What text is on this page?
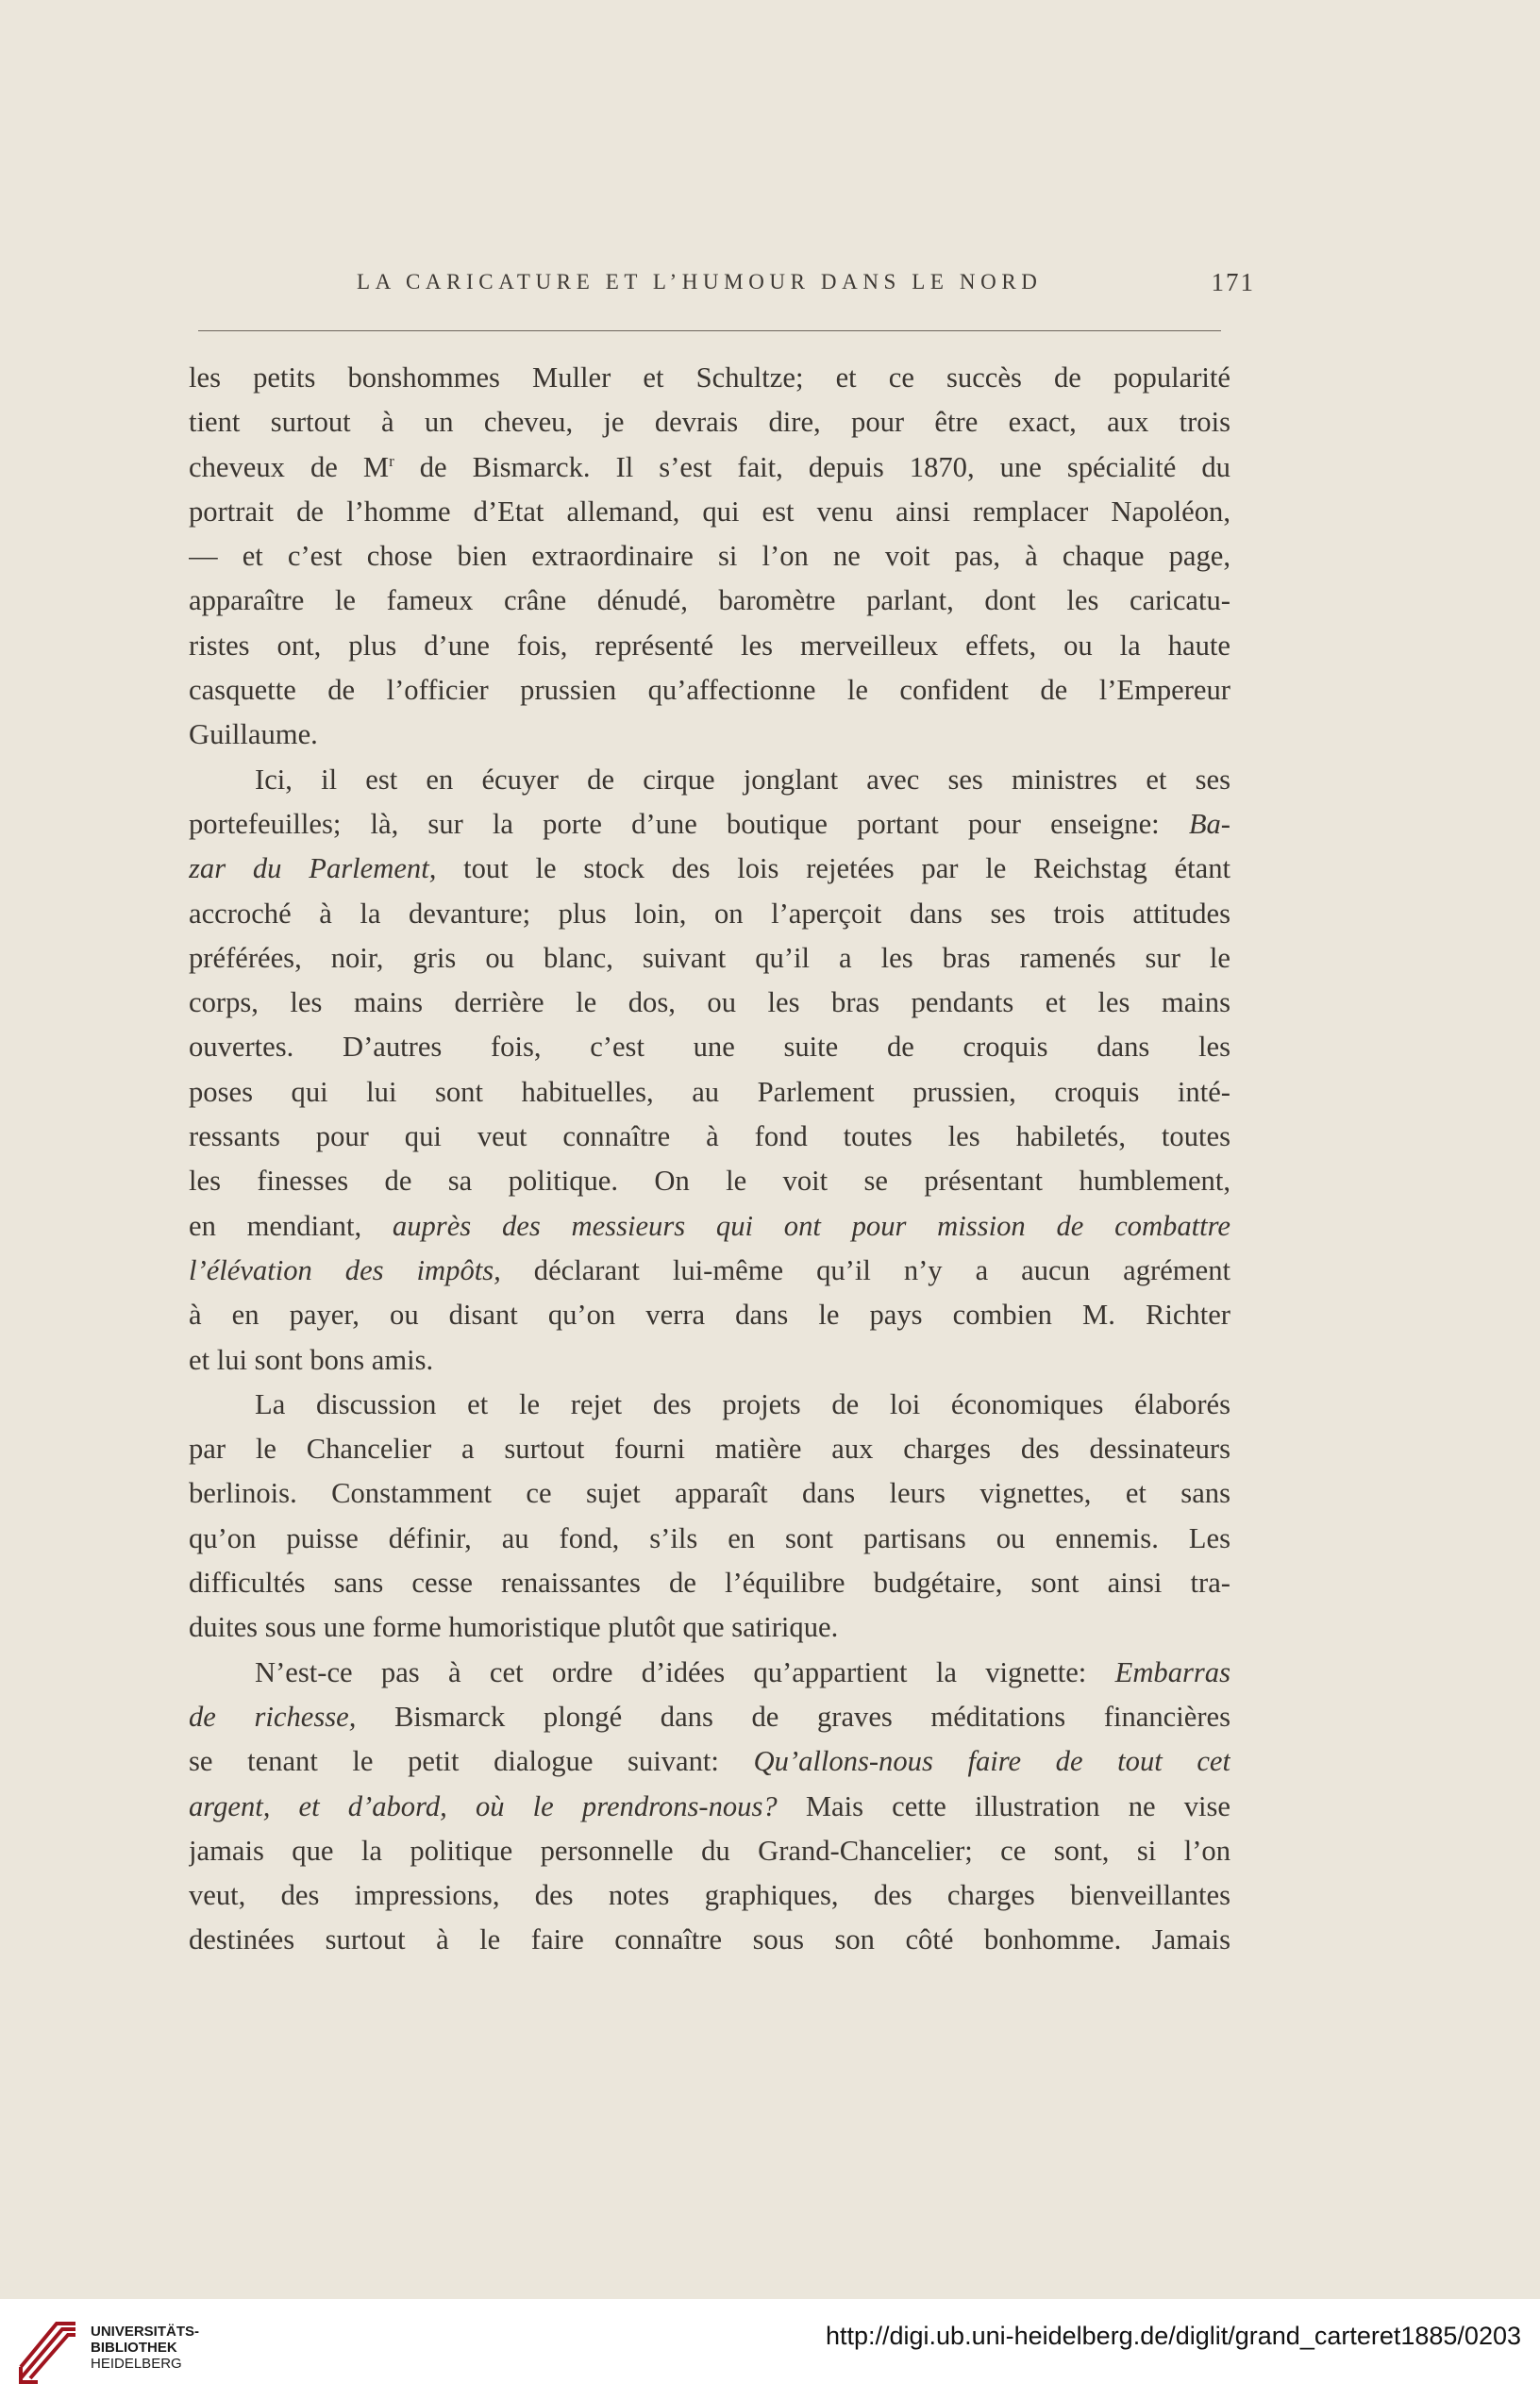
LA CARICATURE ET L’HUMOUR DANS LE NORD	171
les petits bonshommes Muller et Schultze; et ce succès de popularité
tient surtout à un cheveu, je devrais dire, pour être exact, aux trois
cheveux de $M^r$ de Bismarck. Il s’est fait, depuis 1870, une spécialité du
portrait de l’homme d’Etat allemand, qui est venu ainsi remplacer Napoléon,
— et c’est chose bien extraordinaire si l’on ne voit pas, à chaque page,
apparaître le fameux crâne dénudé, baromètre parlant, dont les caricatu-
ristes ont, plus d’une fois, représenté les merveilleux effets, ou la haute
casquette de l’officier prussien qu’affectionne le confident de l’Empereur
Guillaume.
Ici, il est en écuyer de cirque jonglant avec ses ministres et ses
portefeuilles; là, sur la porte d’une boutique portant pour enseigne: Ba-
zar du Parlement, tout le stock des lois rejetées par le Reichstag étant
accroché à la devanture; plus loin, on l’aperçoit dans ses trois attitudes
préférées, noir, gris ou blanc, suivant qu’il a les bras ramenés sur le
corps, les mains derrière le dos, ou les bras pendants et les mains
ouvertes. D’autres fois, c’est une suite de croquis dans les
poses qui lui sont habituelles, au Parlement prussien, croquis inté-
ressants pour qui veut connaître à fond toutes les habiletés, toutes
les finesses de sa politique. On le voit se présentant humblement,
en mendiant, auprès des messieurs qui ont pour mission de combattre
l’élévation des impôts, déclarant lui-même qu’il n’y a aucun agrément
à en payer, ou disant qu’on verra dans le pays combien M. Richter
et lui sont bons amis.
La discussion et le rejet des projets de loi économiques élaborés
par le Chancelier a surtout fourni matière aux charges des dessinateurs
berlinois. Constamment ce sujet apparaît dans leurs vignettes, et sans
qu’on puisse définir, au fond, s’ils en sont partisans ou ennemis. Les
difficultés sans cesse renaissantes de l’équilibre budgétaire, sont ainsi tra-
duites sous une forme humoristique plutôt que satirique.
N’est-ce pas à cet ordre d’idées qu’appartient la vignette: Embarras
de richesse, Bismarck plongé dans de graves méditations financières
se tenant le petit dialogue suivant: Qu’allons-nous faire de tout cet
argent, et d’abord, où le prendrons-nous? Mais cette illustration ne vise
jamais que la politique personnelle du Grand-Chancelier; ce sont, si l’on
veut, des impressions, des notes graphiques, des charges bienveillantes
destinées surtout à le faire connaître sous son côté bonhomme. Jamais
UNIVERSITÄTS-
BIBLIOTHEK
HEIDELBERG
http://digi.ub.uni-heidelberg.de/diglit/grand_carteret1885/0203
